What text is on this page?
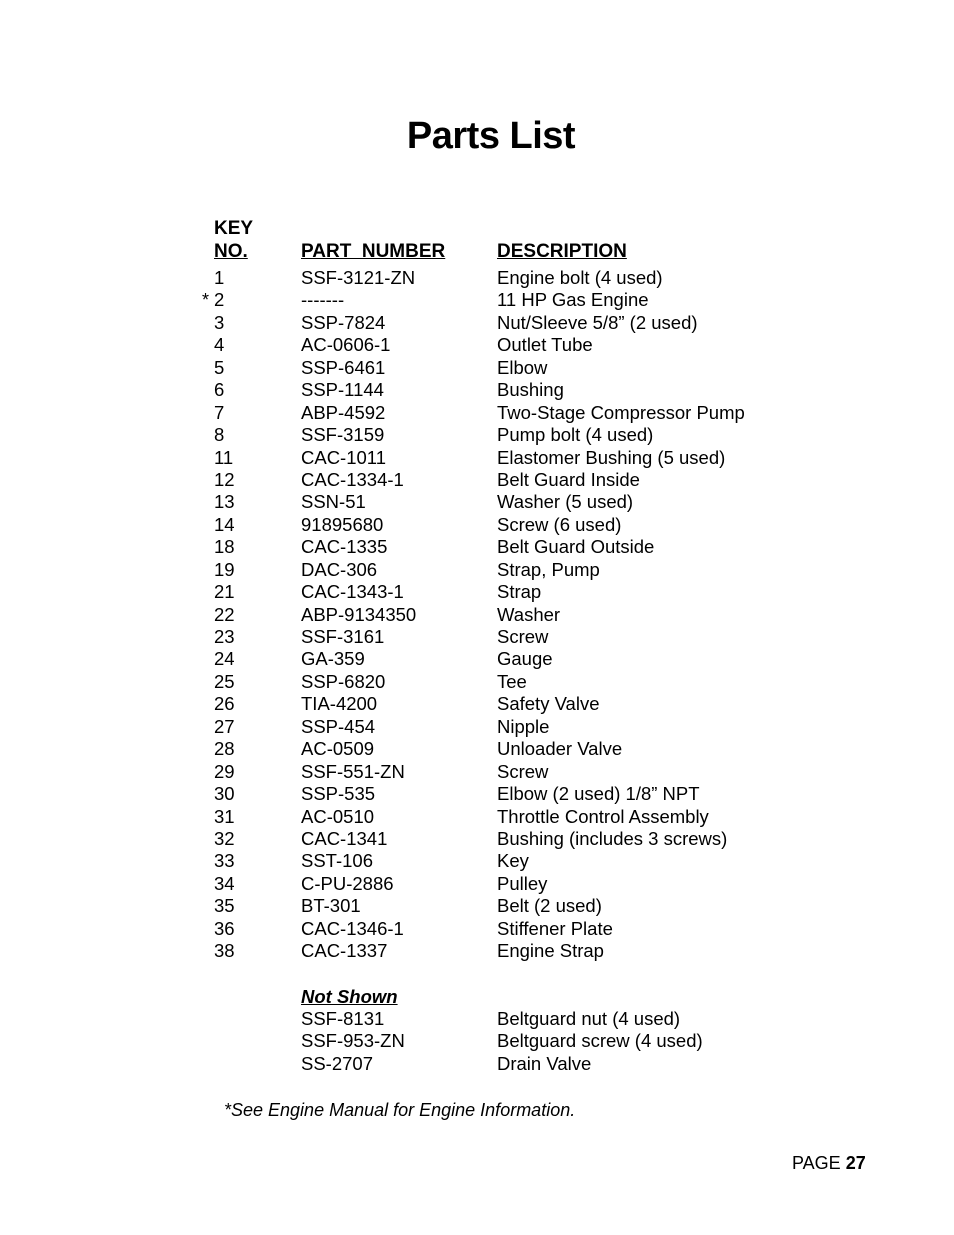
Parts List
KEY
NO.	PART  NUMBER	DESCRIPTION
1	SSF-3121-ZN	Engine bolt (4 used)
* 2	-------	11 HP Gas Engine
3	SSP-7824	Nut/Sleeve 5/8” (2 used)
4	AC-0606-1	Outlet Tube
5	SSP-6461	Elbow
6	SSP-1144	Bushing
7	ABP-4592	Two-Stage Compressor Pump
8	SSF-3159	Pump bolt (4 used)
11	CAC-1011	Elastomer Bushing (5 used)
12	CAC-1334-1	Belt Guard Inside
13	SSN-51	Washer (5 used)
14	91895680	Screw (6 used)
18	CAC-1335	Belt Guard Outside
19	DAC-306	Strap, Pump
21	CAC-1343-1	Strap
22	ABP-9134350	Washer
23	SSF-3161	Screw
24	GA-359	Gauge
25	SSP-6820	Tee
26	TIA-4200	Safety Valve
27	SSP-454	Nipple
28	AC-0509	Unloader Valve
29	SSF-551-ZN	Screw
30	SSP-535	Elbow (2 used) 1/8” NPT
31	AC-0510	Throttle Control Assembly
32	CAC-1341	Bushing (includes 3 screws)
33	SST-106	Key
34	C-PU-2886	Pulley
35	BT-301	Belt (2 used)
36	CAC-1346-1	Stiffener Plate
38	CAC-1337	Engine Strap
Not Shown
SSF-8131	Beltguard nut (4 used)
SSF-953-ZN	Beltguard screw (4 used)
SS-2707	Drain Valve
*See Engine Manual for Engine Information.
PAGE 27
